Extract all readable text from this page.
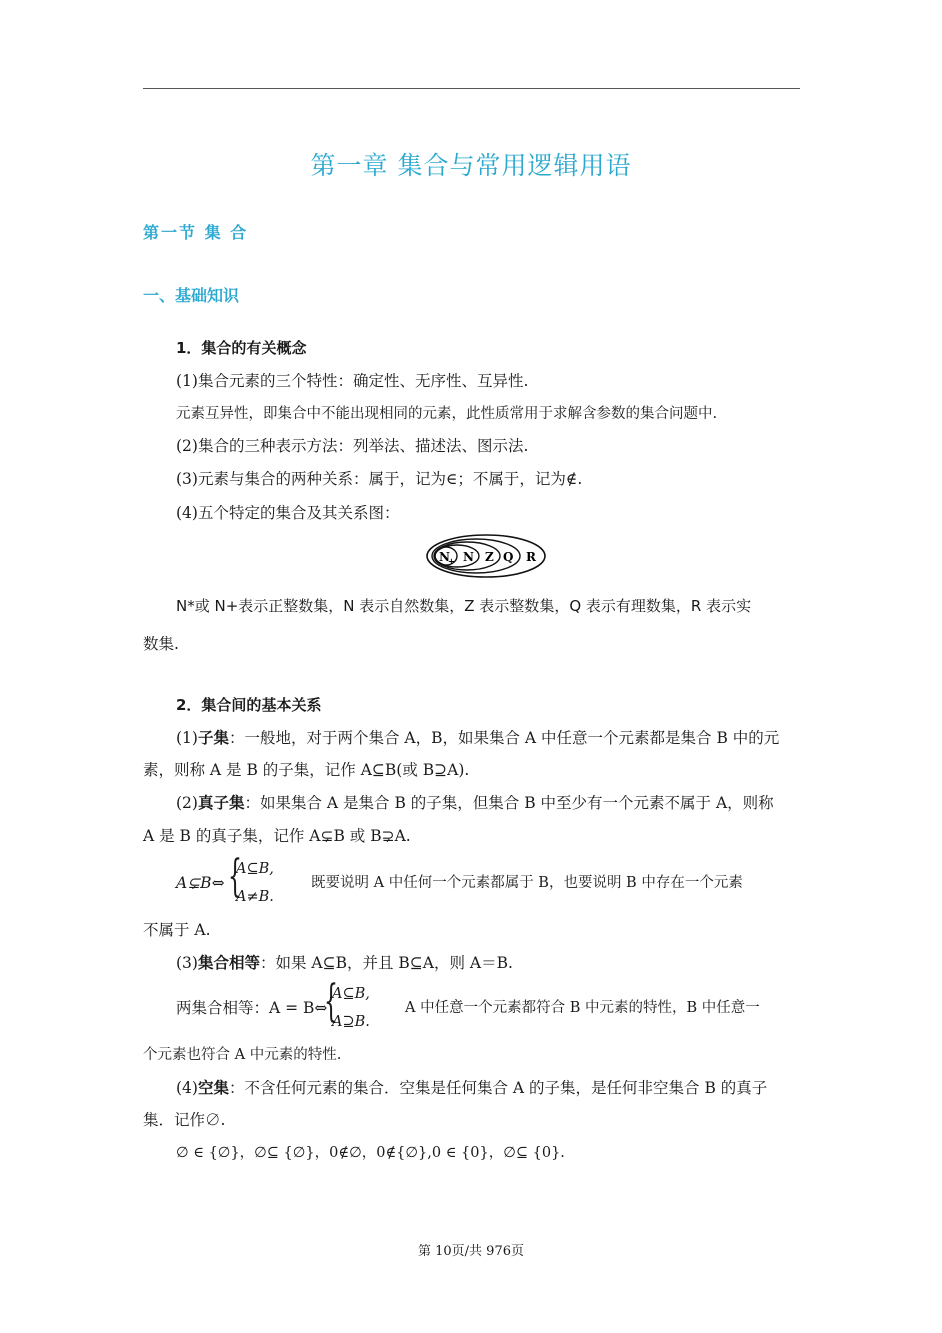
第一章 集合与常用逻辑用语
第一节 集 合
一、基础知识
1．集合的有关概念
(1)集合元素的三个特性：确定性、无序性、互异性.
元素互异性，即集合中不能出现相同的元素，此性质常用于求解含参数的集合问题中.
(2)集合的三种表示方法：列举法、描述法、图示法.
(3)元素与集合的两种关系：属于，记为∈；不属于，记为∉.
(4)五个特定的集合及其关系图：
N
+ N Z Q R
N*或 N+表示正整数集，N 表示自然数集，Z 表示整数集，Q 表示有理数集，R 表示实
数集.
2．集合间的基本关系
(1)子集：一般地，对于两个集合 A，B，如果集合 A 中任意一个元素都是集合 B 中的元
素，则称 A 是 B 的子集，记作 A⊆B(或 B⊇A).
(2)真子集：如果集合 A 是集合 B 的子集，但集合 B 中至少有一个元素不属于 A，则称
A 是 B 的真子集，记作 A⊊B 或 B⊋A.
A⊊B⇔ {
A⊆B,
A≠B.
既要说明 A 中任何一个元素都属于 B，也要说明 B 中存在一个元素
不属于 A.
(3)集合相等：如果 A⊆B，并且 B⊆A，则 A＝B.
两集合相等：A = B⇔
{
A⊆B,
A⊇B.
A 中任意一个元素都符合 B 中元素的特性，B 中任意一
个元素也符合 A 中元素的特性.
(4)空集：不含任何元素的集合．空集是任何集合 A 的子集，是任何非空集合 B 的真子
集．记作∅.
∅ ∈ {∅}，∅⊆ {∅}，0∉∅，0∉{∅},0 ∈ {0}，∅⊆ {0}.
第 10页/共 976页
